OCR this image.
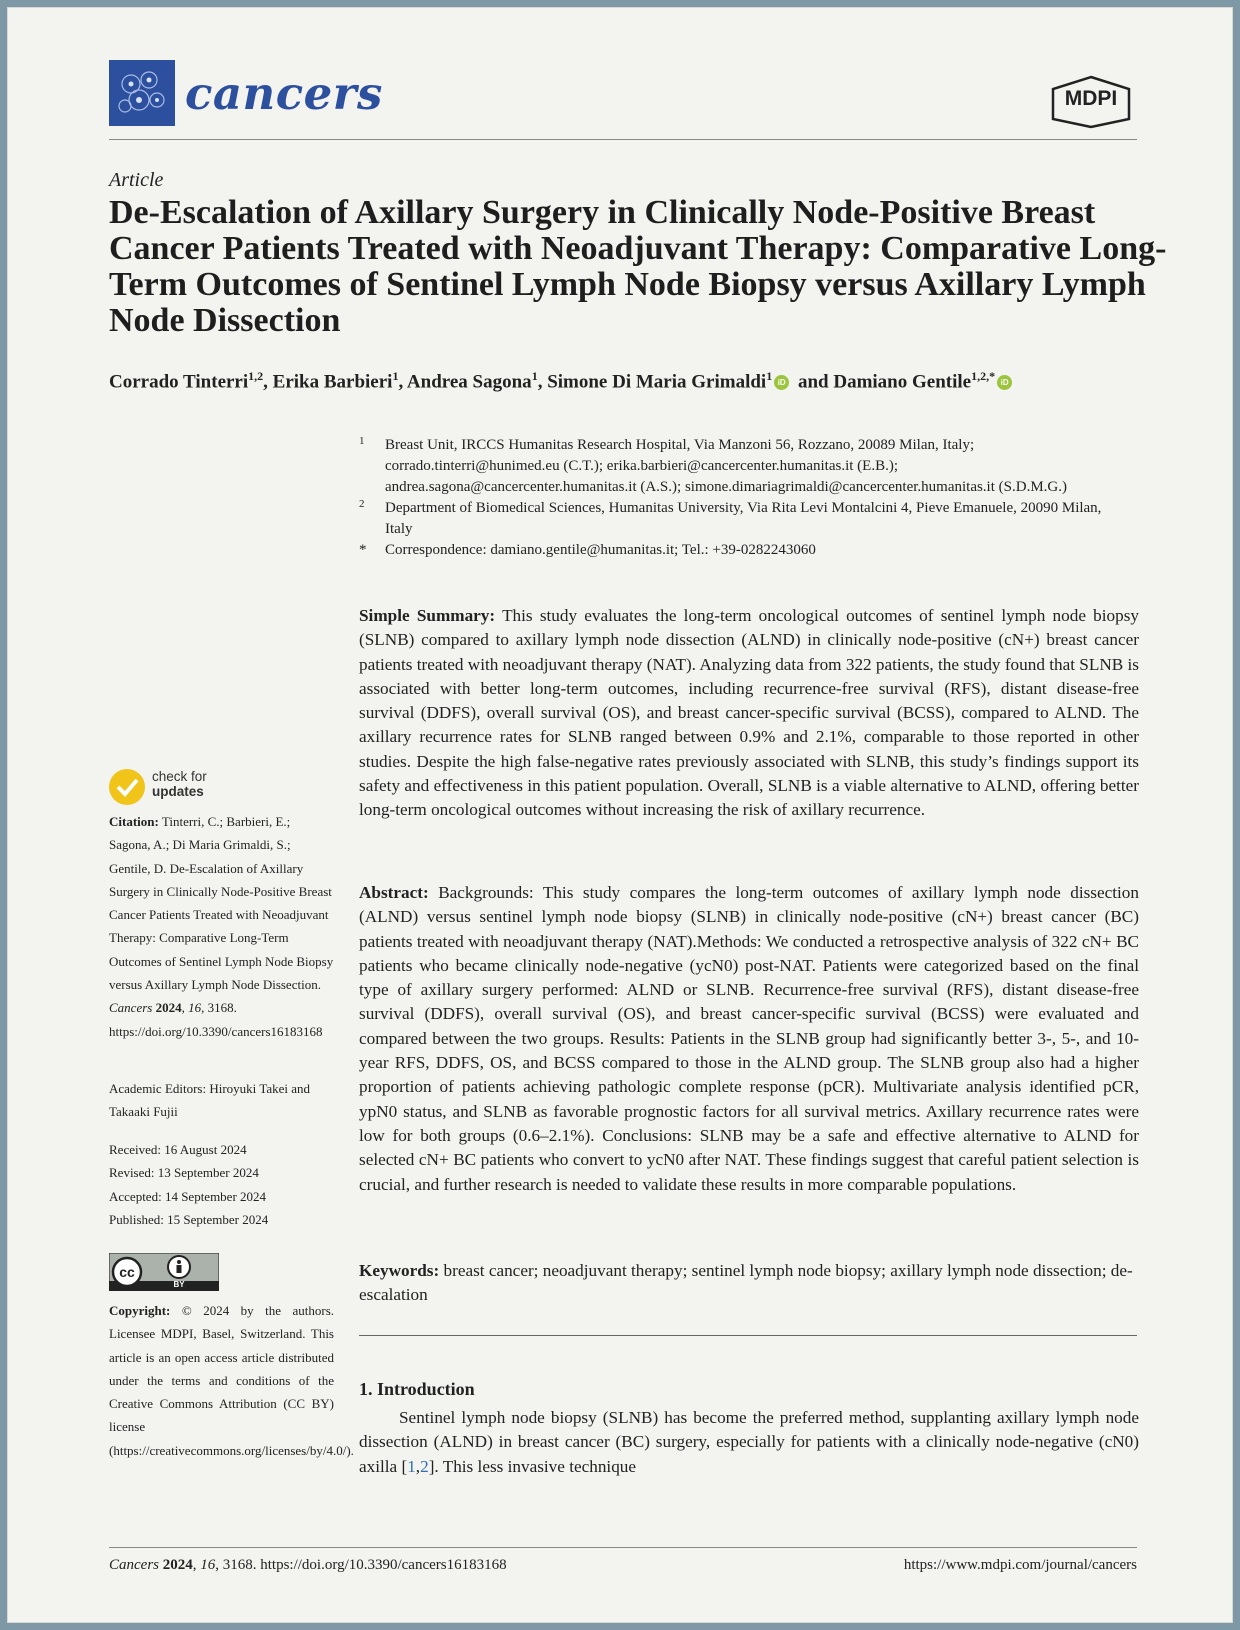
cancers	MDPI
Article
De-Escalation of Axillary Surgery in Clinically Node-Positive Breast Cancer Patients Treated with Neoadjuvant Therapy: Comparative Long-Term Outcomes of Sentinel Lymph Node Biopsy versus Axillary Lymph Node Dissection
Corrado Tinterri$^{1,2}$, Erika Barbieri$^1$, Andrea Sagona$^1$, Simone Di Maria Grimaldi$^1$ iD and Damiano Gentile$^{1,2,*}$ iD
1 Breast Unit, IRCCS Humanitas Research Hospital, Via Manzoni 56, Rozzano, 20089 Milan, Italy; corrado.tinterri@hunimed.eu (C.T.); erika.barbieri@cancercenter.humanitas.it (E.B.); andrea.sagona@cancercenter.humanitas.it (A.S.); simone.dimariagrimaldi@cancercenter.humanitas.it (S.D.M.G.)
2 Department of Biomedical Sciences, Humanitas University, Via Rita Levi Montalcini 4, Pieve Emanuele, 20090 Milan, Italy
* Correspondence: damiano.gentile@humanitas.it; Tel.: +39-0282243060
Simple Summary: This study evaluates the long-term oncological outcomes of sentinel lymph node biopsy (SLNB) compared to axillary lymph node dissection (ALND) in clinically node-positive (cN+) breast cancer patients treated with neoadjuvant therapy (NAT). Analyzing data from 322 patients, the study found that SLNB is associated with better long-term outcomes, including recurrence-free survival (RFS), distant disease-free survival (DDFS), overall survival (OS), and breast cancer-specific survival (BCSS), compared to ALND. The axillary recurrence rates for SLNB ranged between 0.9% and 2.1%, comparable to those reported in other studies. Despite the high false-negative rates previously associated with SLNB, this study’s findings support its safety and effectiveness in this patient population. Overall, SLNB is a viable alternative to ALND, offering better long-term oncological outcomes without increasing the risk of axillary recurrence.
Abstract: Backgrounds: This study compares the long-term outcomes of axillary lymph node dissection (ALND) versus sentinel lymph node biopsy (SLNB) in clinically node-positive (cN+) breast cancer (BC) patients treated with neoadjuvant therapy (NAT).Methods: We conducted a retrospective analysis of 322 cN+ BC patients who became clinically node-negative (ycN0) post-NAT. Patients were categorized based on the final type of axillary surgery performed: ALND or SLNB. Recurrence-free survival (RFS), distant disease-free survival (DDFS), overall survival (OS), and breast cancer-specific survival (BCSS) were evaluated and compared between the two groups. Results: Patients in the SLNB group had significantly better 3-, 5-, and 10-year RFS, DDFS, OS, and BCSS compared to those in the ALND group. The SLNB group also had a higher proportion of patients achieving pathologic complete response (pCR). Multivariate analysis identified pCR, ypN0 status, and SLNB as favorable prognostic factors for all survival metrics. Axillary recurrence rates were low for both groups (0.6–2.1%). Conclusions: SLNB may be a safe and effective alternative to ALND for selected cN+ BC patients who convert to ycN0 after NAT. These findings suggest that careful patient selection is crucial, and further research is needed to validate these results in more comparable populations.
Keywords: breast cancer; neoadjuvant therapy; sentinel lymph node biopsy; axillary lymph node dissection; de-escalation
1. Introduction
Sentinel lymph node biopsy (SLNB) has become the preferred method, supplanting axillary lymph node dissection (ALND) in breast cancer (BC) surgery, especially for patients with a clinically node-negative (cN0) axilla [1,2]. This less invasive technique
check for
updates
Citation: Tinterri, C.; Barbieri, E.; Sagona, A.; Di Maria Grimaldi, S.; Gentile, D. De-Escalation of Axillary Surgery in Clinically Node-Positive Breast Cancer Patients Treated with Neoadjuvant Therapy: Comparative Long-Term Outcomes of Sentinel Lymph Node Biopsy versus Axillary Lymph Node Dissection. Cancers 2024, 16, 3168. https://doi.org/10.3390/cancers16183168
Academic Editors: Hiroyuki Takei and Takaaki Fujii
Received: 16 August 2024
Revised: 13 September 2024
Accepted: 14 September 2024
Published: 15 September 2024
cc
BY
Copyright: © 2024 by the authors. Licensee MDPI, Basel, Switzerland. This article is an open access article distributed under the terms and conditions of the Creative Commons Attribution (CC BY) license (https://creativecommons.org/licenses/by/4.0/).
Cancers 2024, 16, 3168. https://doi.org/10.3390/cancers16183168	https://www.mdpi.com/journal/cancers
